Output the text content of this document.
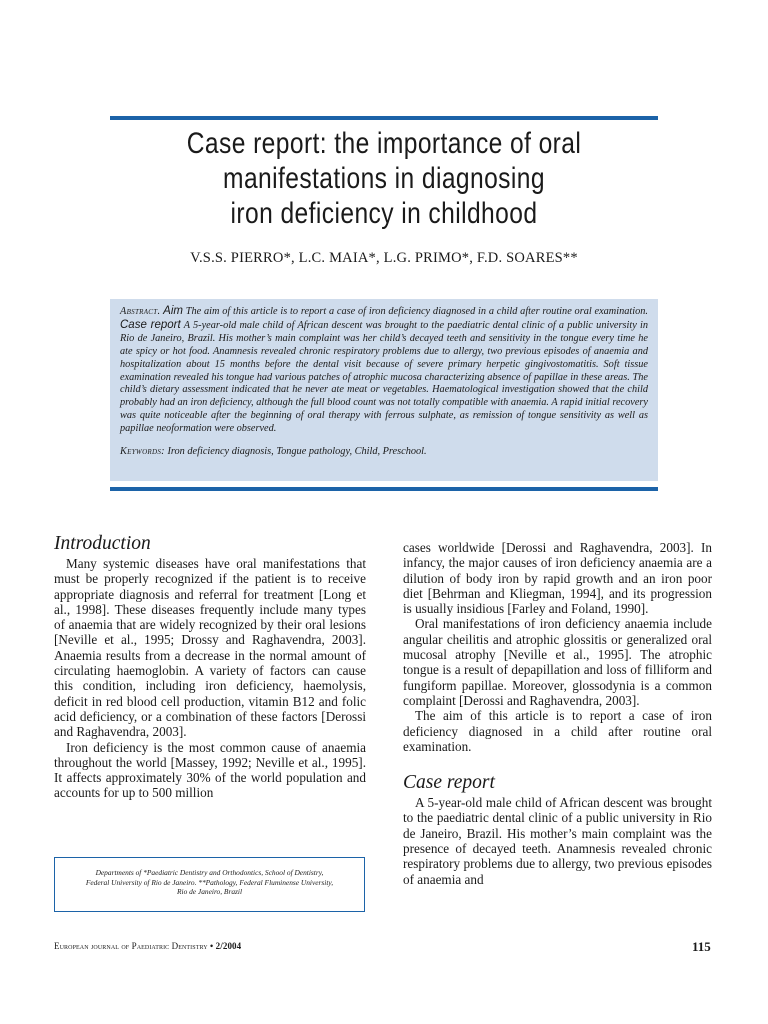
Case report: the importance of oral
manifestations in diagnosing
iron deficiency in childhood
V.S.S. PIERRO*, L.C. MAIA*, L.G. PRIMO*, F.D. SOARES**
Abstract. Aim The aim of this article is to report a case of iron deficiency diagnosed in a child after routine oral examination. Case report A 5-year-old male child of African descent was brought to the paediatric dental clinic of a public university in Rio de Janeiro, Brazil. His mother’s main complaint was her child’s decayed teeth and sensitivity in the tongue every time he ate spicy or hot food. Anamnesis revealed chronic respiratory problems due to allergy, two previous episodes of anaemia and hospitalization about 15 months before the dental visit because of severe primary herpetic gingivostomatitis. Soft tissue examination revealed his tongue had various patches of atrophic mucosa characterizing absence of papillae in these areas. The child’s dietary assessment indicated that he never ate meat or vegetables. Haematological investigation showed that the child probably had an iron deficiency, although the full blood count was not totally compatible with anaemia. A rapid initial recovery was quite noticeable after the beginning of oral therapy with ferrous sulphate, as remission of tongue sensitivity as well as papillae neoformation were observed.
Keywords: Iron deficiency diagnosis, Tongue pathology, Child, Preschool.
Introduction

Many systemic diseases have oral manifestations that must be properly recognized if the patient is to receive appropriate diagnosis and referral for treatment [Long et al., 1998]. These diseases frequently include many types of anaemia that are widely recognized by their oral lesions [Neville et al., 1995; Drossy and Raghavendra, 2003]. Anaemia results from a decrease in the normal amount of circulating haemoglobin. A variety of factors can cause this condition, including iron deficiency, haemolysis, deficit in red blood cell production, vitamin B12 and folic acid deficiency, or a combination of these factors [Derossi and Raghavendra, 2003].

Iron deficiency is the most common cause of anaemia throughout the world [Massey, 1992; Neville et al., 1995]. It affects approximately 30% of the world population and accounts for up to 500 million

cases worldwide [Derossi and Raghavendra, 2003]. In infancy, the major causes of iron deficiency anaemia are a dilution of body iron by rapid growth and an iron poor diet [Behrman and Kliegman, 1994], and its progression is usually insidious [Farley and Foland, 1990].

Oral manifestations of iron deficiency anaemia include angular cheilitis and atrophic glossitis or generalized oral mucosal atrophy [Neville et al., 1995]. The atrophic tongue is a result of depapillation and loss of filliform and fungiform papillae. Moreover, glossodynia is a common complaint [Derossi and Raghavendra, 2003].

The aim of this article is to report a case of iron deficiency diagnosed in a child after routine oral examination.

Case report

A 5-year-old male child of African descent was brought to the paediatric dental clinic of a public university in Rio de Janeiro, Brazil. His mother’s main complaint was the presence of decayed teeth. Anamnesis revealed chronic respiratory problems due to allergy, two previous episodes of anaemia and

Departments of *Paediatric Dentistry and Orthodontics, School of Dentistry,
Federal University of Rio de Janeiro. **Pathology, Federal Fluminense University,
Rio de Janeiro, Brazil
European journal of Paediatric Dentistry • 2/2004	115
